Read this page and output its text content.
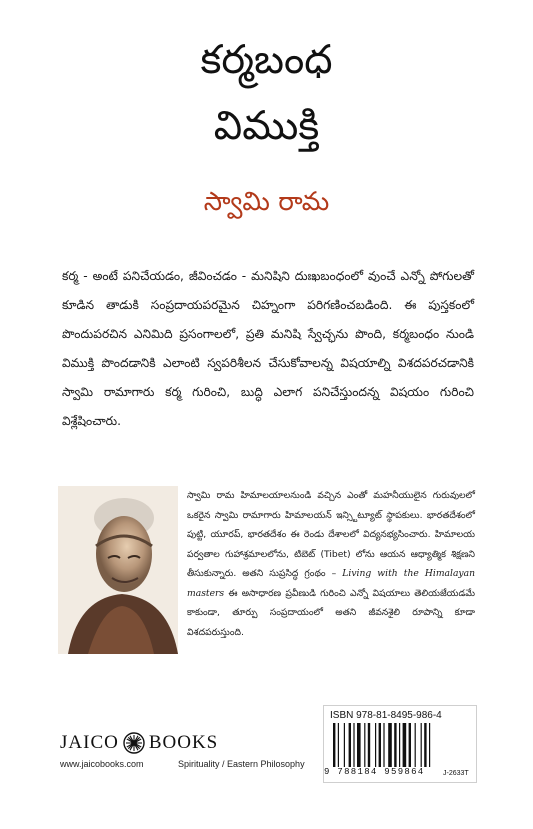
కర్మబంధ
విముక్తి
స్వామి రామ
కర్మ - అంటే పనిచేయడం, జీవించడం - మనిషిని దుఃఖబంధంలో వుంచే ఎన్నో పోగులతో కూడిన తాడుకి సంప్రదాయపరమైన చిహ్నంగా పరిగణించబడింది. ఈ పుస్తకంలో పొందుపరచిన ఎనిమిది ప్రసంగాలలో, ప్రతి మనిషి స్వేచ్ఛను పొంది, కర్మబంధం నుండి విముక్తి పొందడానికి ఎలాంటి స్వపరిశీలన చేసుకోవాలన్న విషయాల్ని విశదపరచడానికి స్వామి రామాగారు కర్మ గురించి, బుద్ధి ఎలాగ పనిచేస్తుందన్న విషయం గురించి విశ్లేషించారు.
స్వామి రామ హిమాలయాలనుండి వచ్చిన ఎంతో మహనీయులైన గురువులలో ఒకరైన స్వామి రామాగారు హిమాలయన్ ఇన్స్టిట్యూట్ స్థాపకులు. భారతదేశంలో పుట్టి, యూరప్, భారతదేశం ఈ రెండు దేశాలలో విద్యనభ్యసించారు. హిమాలయ పర్వతాల గుహాశ్రమాలలోను, టిబెట్ (Tibet) లోను ఆయన ఆధ్యాత్మిక శిక్షణని తీసుకున్నారు. అతని సుప్రసిద్ధ గ్రంథం – Living with the Himalayan masters ఈ అసాధారణ ప్రవీణుడి గురించి ఎన్నో విషయాలు తెలియజేయడమే కాకుండా, తూర్పు సంప్రదాయంలో అతని జీవనశైలి రూపాన్ని కూడా విశదపరుస్తుంది.
JAICO BOOKS
www.jaicobooks.com	Spirituality / Eastern Philosophy
ISBN 978-81-8495-986-4
9 788184 959864	J-2633T
